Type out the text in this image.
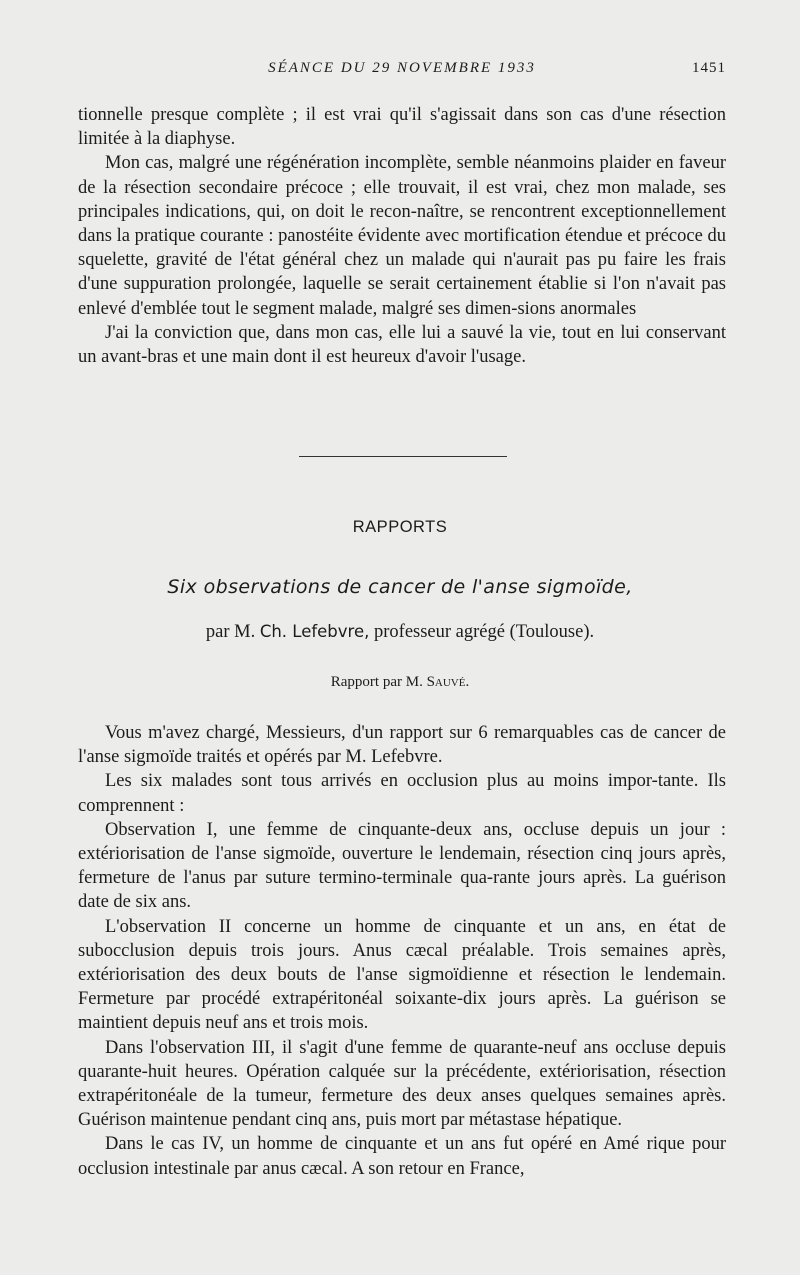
SÉANCE DU 29 NOVEMBRE 1933	1451

tionnelle presque complète ; il est vrai qu'il s'agissait dans son cas d'une résection limitée à la diaphyse.

Mon cas, malgré une régénération incomplète, semble néanmoins plaider en faveur de la résection secondaire précoce ; elle trouvait, il est vrai, chez mon malade, ses principales indications, qui, on doit le recon-naître, se rencontrent exceptionnellement dans la pratique courante : panostéite évidente avec mortification étendue et précoce du squelette, gravité de l'état général chez un malade qui n'aurait pas pu faire les frais d'une suppuration prolongée, laquelle se serait certainement établie si l'on n'avait pas enlevé d'emblée tout le segment malade, malgré ses dimen-sions anormales

J'ai la conviction que, dans mon cas, elle lui a sauvé la vie, tout en lui conservant un avant-bras et une main dont il est heureux d'avoir l'usage.

RAPPORTS
Six observations de cancer de l'anse sigmoïde,
par M. Ch. Lefebvre, professeur agrégé (Toulouse).
Rapport par M. Sauvé.

Vous m'avez chargé, Messieurs, d'un rapport sur 6 remarquables cas de cancer de l'anse sigmoïde traités et opérés par M. Lefebvre.

Les six malades sont tous arrivés en occlusion plus au moins impor-tante. Ils comprennent :

Observation I, une femme de cinquante-deux ans, occluse depuis un jour : extériorisation de l'anse sigmoïde, ouverture le lendemain, résection cinq jours après, fermeture de l'anus par suture termino-terminale qua-rante jours après. La guérison date de six ans.

L'observation II concerne un homme de cinquante et un ans, en état de subocclusion depuis trois jours. Anus cæcal préalable. Trois semaines après, extériorisation des deux bouts de l'anse sigmoïdienne et résection le lendemain. Fermeture par procédé extrapéritonéal soixante-dix jours après. La guérison se maintient depuis neuf ans et trois mois.

Dans l'observation III, il s'agit d'une femme de quarante-neuf ans occluse depuis quarante-huit heures. Opération calquée sur la précédente, extériorisation, résection extrapéritonéale de la tumeur, fermeture des deux anses quelques semaines après. Guérison maintenue pendant cinq ans, puis mort par métastase hépatique.

Dans le cas IV, un homme de cinquante et un ans fut opéré en Amé rique pour occlusion intestinale par anus cæcal. A son retour en France,
